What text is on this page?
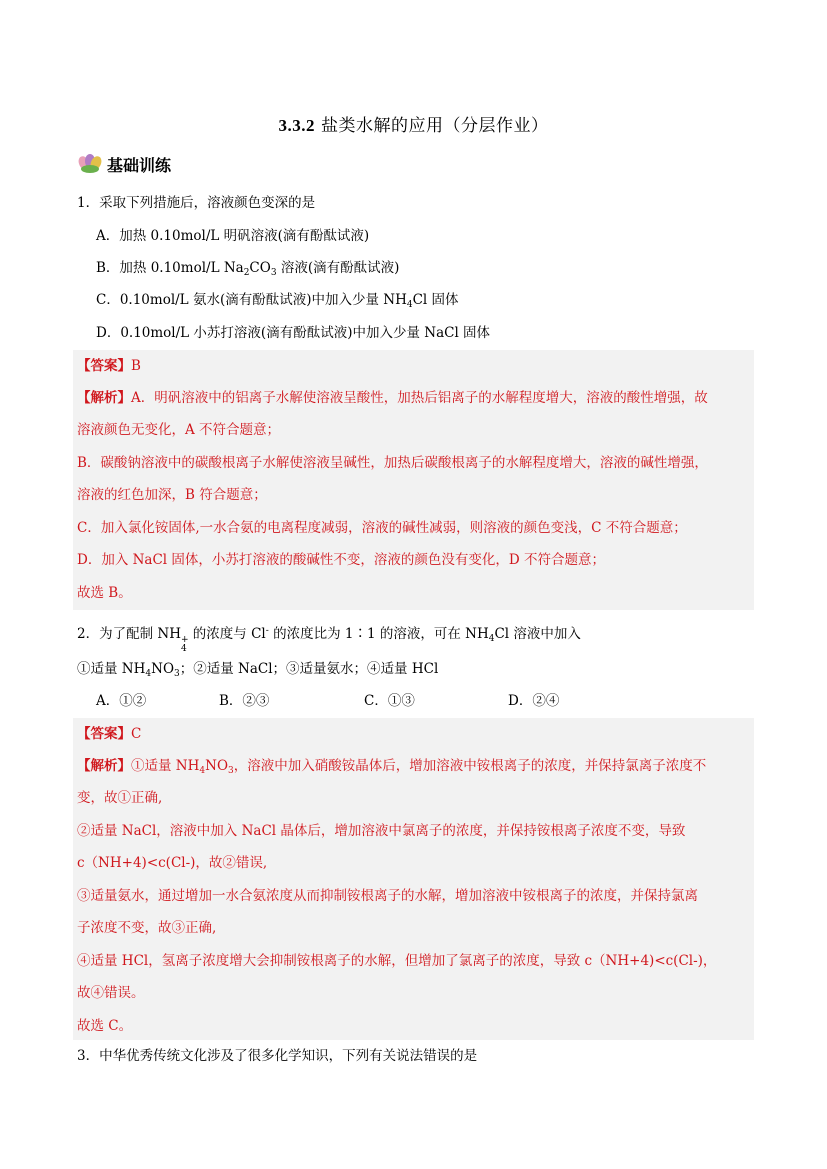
3.3.2 盐类水解的应用（分层作业）
基础训练
1．采取下列措施后，溶液颜色变深的是
A．加热 0.10mol/L 明矾溶液(滴有酚酞试液)
B．加热 0.10mol/L $Na_2CO_3$ 溶液(滴有酚酞试液)
C．0.10mol/L 氨水(滴有酚酞试液)中加入少量 $NH_4Cl$ 固体
D．0.10mol/L 小苏打溶液(滴有酚酞试液)中加入少量 NaCl 固体
【答案】B
【解析】A．明矾溶液中的铝离子水解使溶液呈酸性，加热后铝离子的水解程度增大，溶液的酸性增强，故
溶液颜色无变化，A 不符合题意；
B．碳酸钠溶液中的碳酸根离子水解使溶液呈碱性，加热后碳酸根离子的水解程度增大，溶液的碱性增强，
溶液的红色加深，B 符合题意；
C．加入氯化铵固体,一水合氨的电离程度减弱，溶液的碱性减弱，则溶液的颜色变浅，C 不符合题意；
D．加入 NaCl 固体，小苏打溶液的酸碱性不变，溶液的颜色没有变化，D 不符合题意；
故选 B。
2．为了配制 NH +
4
的浓度与 Cl- 的浓度比为 1∶1 的溶液，可在 $NH_4Cl$ 溶液中加入
①适量 $NH_4NO_3$；②适量 NaCl；③适量氨水；④适量 HCl
A．①②	B．②③	C．①③	D．②④
【答案】C
【解析】①适量 $NH_4NO_3$，溶液中加入硝酸铵晶体后，增加溶液中铵根离子的浓度，并保持氯离子浓度不
变，故①正确,
②适量 NaCl，溶液中加入 NaCl 晶体后，增加溶液中氯离子的浓度，并保持铵根离子浓度不变，导致
c（NH+4)<c(Cl-)，故②错误,
③适量氨水，通过增加一水合氨浓度从而抑制铵根离子的水解，增加溶液中铵根离子的浓度，并保持氯离
子浓度不变，故③正确,
④适量 HCl，氢离子浓度增大会抑制铵根离子的水解，但增加了氯离子的浓度，导致 c（NH+4)<c(Cl-)，
故④错误。
故选 C。
3．中华优秀传统文化涉及了很多化学知识，下列有关说法错误的是
